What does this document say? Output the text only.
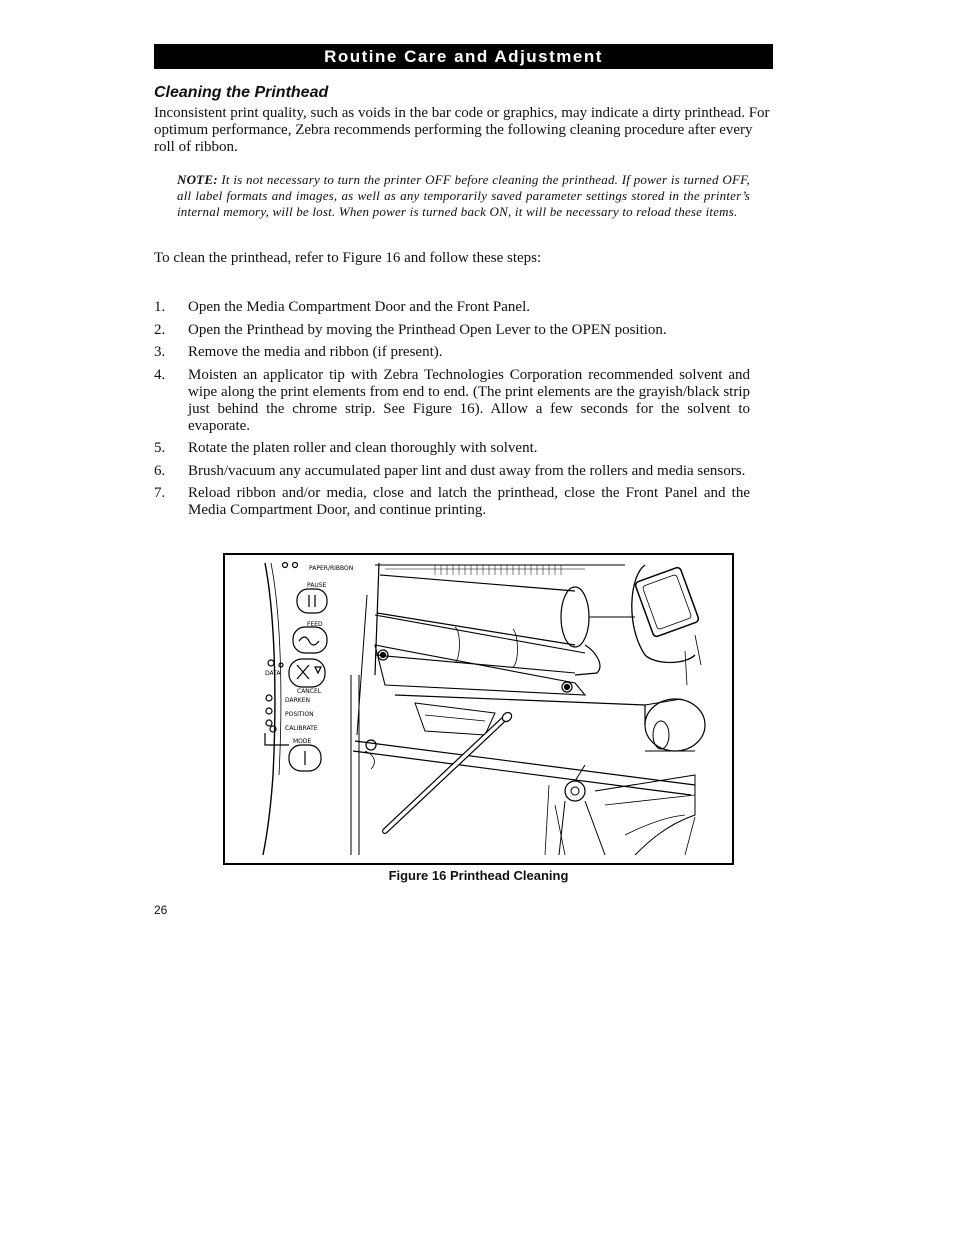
Routine Care and Adjustment
Cleaning the Printhead

Inconsistent print quality, such as voids in the bar code or graphics, may indicate a dirty printhead. For optimum performance, Zebra recommends performing the following cleaning procedure after every roll of ribbon.

NOTE: It is not necessary to turn the printer OFF before cleaning the printhead. If power is turned OFF, all label formats and images, as well as any temporarily saved parameter settings stored in the printer’s internal memory, will be lost. When power is turned back ON, it will be necessary to reload these items.

To clean the printhead, refer to Figure 16 and follow these steps:

1. Open the Media Compartment Door and the Front Panel.
2. Open the Printhead by moving the Printhead Open Lever to the OPEN position.
3. Remove the media and ribbon (if present).
4. Moisten an applicator tip with Zebra Technologies Corporation recommended solvent and wipe along the print elements from end to end. (The print elements are the grayish/black strip just behind the chrome strip. See Figure 16). Allow a few seconds for the solvent to evaporate.
5. Rotate the platen roller and clean thoroughly with solvent.
6. Brush/vacuum any accumulated paper lint and dust away from the rollers and media sensors.
7. Reload ribbon and/or media, close and latch the printhead, close the Front Panel and the Media Compartment Door, and continue printing.
PAPER/RIBBON
PAUSE
FEED
DATA
CANCEL
DARKEN
POSITION
CALIBRATE
MODE
Figure 16 Printhead Cleaning
26
